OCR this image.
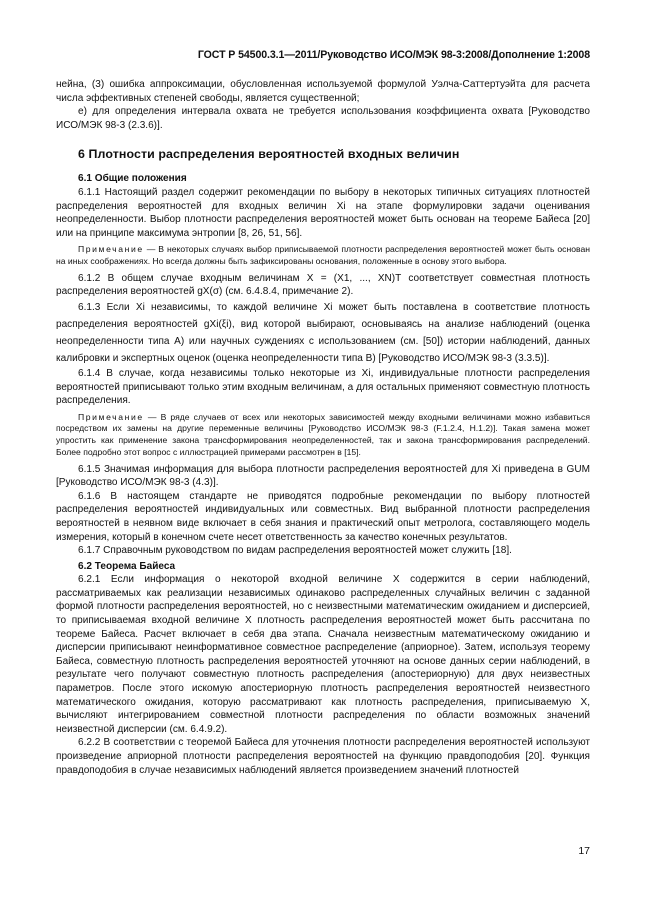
ГОСТ Р 54500.3.1—2011/Руководство ИСО/МЭК 98-3:2008/Дополнение 1:2008

нейна, (3) ошибка аппроксимации, обусловленная используемой формулой Уэлча-Саттертуэйта для расчета числа эффективных степеней свободы, является существенной;

е) для определения интервала охвата не требуется использования коэффициента охвата [Руководство ИСО/МЭК 98-3 (2.3.6)].

6 Плотности распределения вероятностей входных величин
6.1 Общие положения

6.1.1 Настоящий раздел содержит рекомендации по выбору в некоторых типичных ситуациях плотностей распределения вероятностей для входных величин Xi на этапе формулировки задачи оценивания неопределенности. Выбор плотности распределения вероятностей может быть основан на теореме Байеса [20] или на принципе максимума энтропии [8, 26, 51, 56].

Примечание — В некоторых случаях выбор приписываемой плотности распределения вероятностей может быть основан на иных соображениях. Но всегда должны быть зафиксированы основания, положенные в основу этого выбора.

6.1.2 В общем случае входным величинам X = (X1, ..., XN)T соответствует совместная плотность распределения вероятностей gX(σ) (см. 6.4.8.4, примечание 2).

6.1.3 Если Xi независимы, то каждой величине Xi может быть поставлена в соответствие плотность распределения вероятностей gXi(ξi), вид которой выбирают, основываясь на анализе наблюдений (оценка неопределенности типа А) или научных суждениях с использованием (см. [50]) истории наблюдений, данных калибровки и экспертных оценок (оценка неопределенности типа В) [Руководство ИСО/МЭК 98-3 (3.3.5)].

6.1.4 В случае, когда независимы только некоторые из Xi, индивидуальные плотности распределения вероятностей приписывают только этим входным величинам, а для остальных применяют совместную плотность распределения.

Примечание — В ряде случаев от всех или некоторых зависимостей между входными величинами можно избавиться посредством их замены на другие переменные величины [Руководство ИСО/МЭК 98-3 (F.1.2.4, H.1.2)]. Такая замена может упростить как применение закона трансформирования неопределенностей, так и закона трансформирования распределений. Более подробно этот вопрос с иллюстрацией примерами рассмотрен в [15].

6.1.5 Значимая информация для выбора плотности распределения вероятностей для Xi приведена в GUM [Руководство ИСО/МЭК 98-3 (4.3)].

6.1.6 В настоящем стандарте не приводятся подробные рекомендации по выбору плотностей распределения вероятностей индивидуальных или совместных. Вид выбранной плотности распределения вероятностей в неявном виде включает в себя знания и практический опыт метролога, составляющего модель измерения, который в конечном счете несет ответственность за качество конечных результатов.

6.1.7 Справочным руководством по видам распределения вероятностей может служить [18].

6.2 Теорема Байеса

6.2.1 Если информация о некоторой входной величине X содержится в серии наблюдений, рассматриваемых как реализации независимых одинаково распределенных случайных величин с заданной формой плотности распределения вероятностей, но с неизвестными математическим ожиданием и дисперсией, то приписываемая входной величине X плотность распределения вероятностей может быть рассчитана по теореме Байеса. Расчет включает в себя два этапа. Сначала неизвестным математическому ожиданию и дисперсии приписывают неинформативное совместное распределение (априорное). Затем, используя теорему Байеса, совместную плотность распределения вероятностей уточняют на основе данных серии наблюдений, в результате чего получают совместную плотность распределения (апостериорную) для двух неизвестных параметров. После этого искомую апостериорную плотность распределения вероятностей неизвестного математического ожидания, которую рассматривают как плотность распределения, приписываемую X, вычисляют интегрированием совместной плотности распределения по области возможных значений неизвестной дисперсии (см. 6.4.9.2).

6.2.2 В соответствии с теоремой Байеса для уточнения плотности распределения вероятностей используют произведение априорной плотности распределения вероятностей на функцию правдоподобия [20]. Функция правдоподобия в случае независимых наблюдений является произведением значений плотностей

17
